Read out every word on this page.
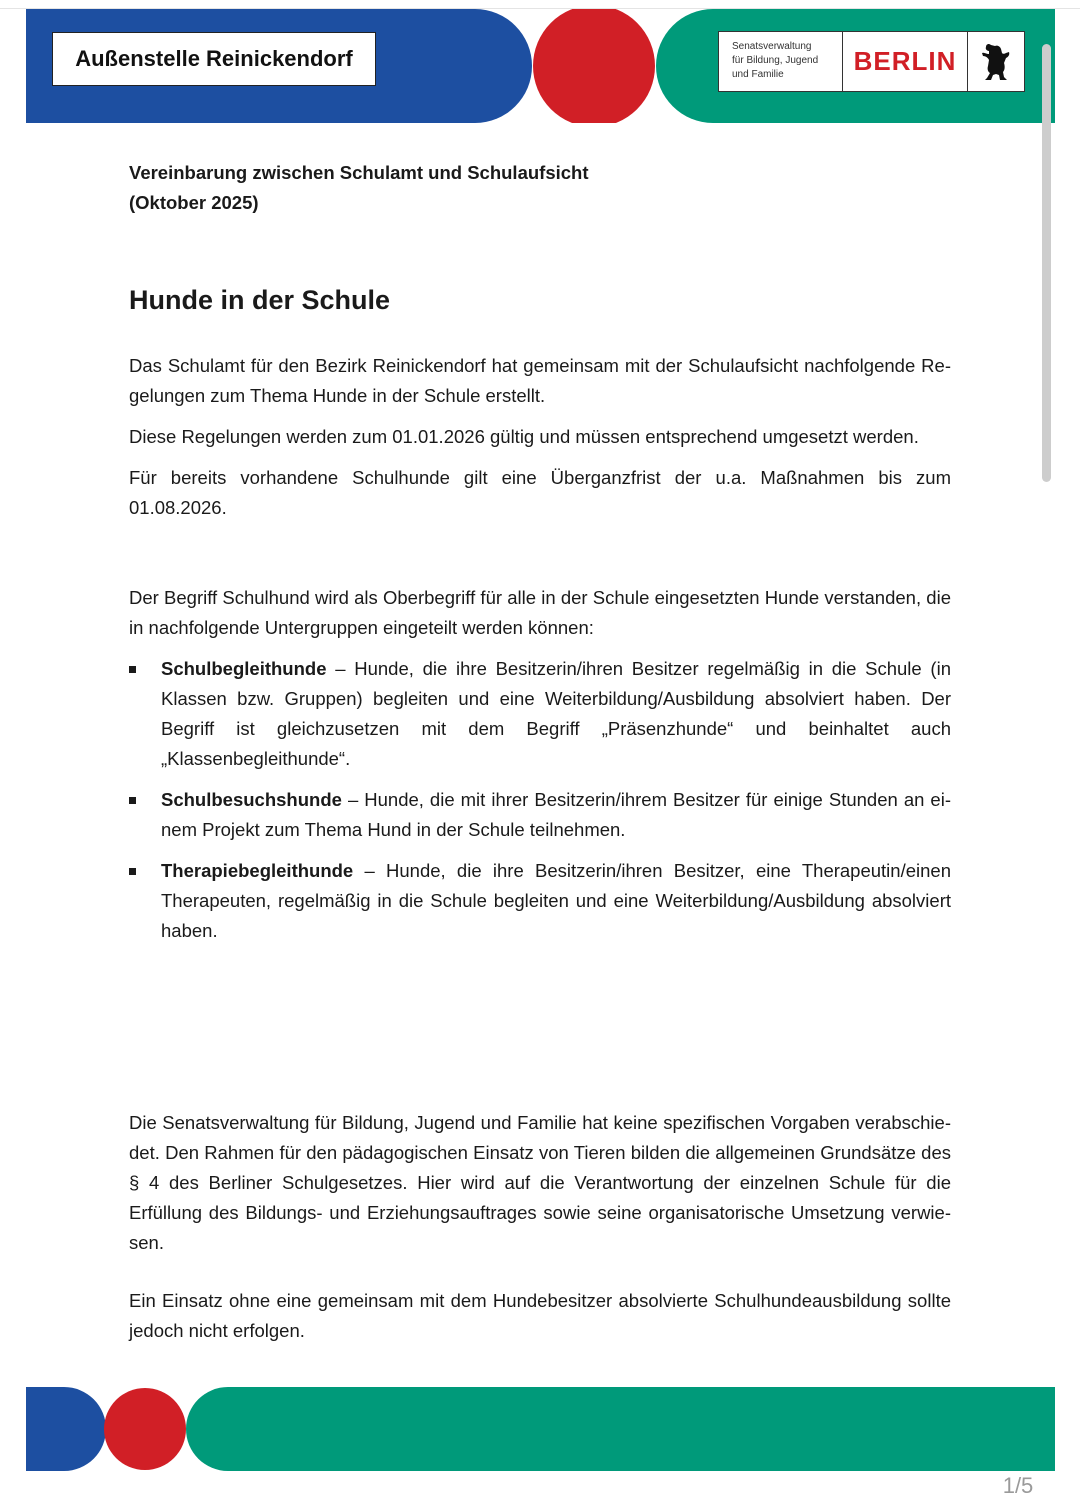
Außenstelle Reinickendorf	Senatsverwaltung
für Bildung, Jugend
und Familie	BERLIN
Vereinbarung zwischen Schulamt und Schulaufsicht
(Oktober 2025)
Hunde in der Schule

Das Schulamt für den Bezirk Reinickendorf hat gemeinsam mit der Schulaufsicht nachfolgende Regelungen zum Thema Hunde in der Schule erstellt.

Diese Regelungen werden zum 01.01.2026 gültig und müssen entsprechend umgesetzt werden.

Für bereits vorhandene Schulhunde gilt eine Überganzfrist der u.a. Maßnahmen bis zum 01.08.2026.

Der Begriff Schulhund wird als Oberbegriff für alle in der Schule eingesetzten Hunde verstanden, die in nachfolgende Untergruppen eingeteilt werden können:

Schulbegleithunde – Hunde, die ihre Besitzerin/ihren Besitzer regelmäßig in die Schule (in Klassen bzw. Gruppen) begleiten und eine Weiterbildung/Ausbildung absolviert haben. Der Begriff ist gleichzusetzen mit dem Begriff „Präsenzhunde“ und beinhaltet auch „Klassenbegleithunde“.
Schulbesuchshunde – Hunde, die mit ihrer Besitzerin/ihrem Besitzer für einige Stunden an einem Projekt zum Thema Hund in der Schule teilnehmen.
Therapiebegleithunde – Hunde, die ihre Besitzerin/ihren Besitzer, eine Therapeutin/einen Therapeuten, regelmäßig in die Schule begleiten und eine Weiterbildung/Ausbildung absolviert haben.

Die Senatsverwaltung für Bildung, Jugend und Familie hat keine spezifischen Vorgaben verabschiedet. Den Rahmen für den pädagogischen Einsatz von Tieren bilden die allgemeinen Grundsätze des § 4 des Berliner Schulgesetzes. Hier wird auf die Verantwortung der einzelnen Schule für die Erfüllung des Bildungs- und Erziehungsauftrages sowie seine organisatorische Umsetzung verwiesen.

Ein Einsatz ohne eine gemeinsam mit dem Hundebesitzer absolvierte Schulhundeausbildung sollte jedoch nicht erfolgen.

1/5
